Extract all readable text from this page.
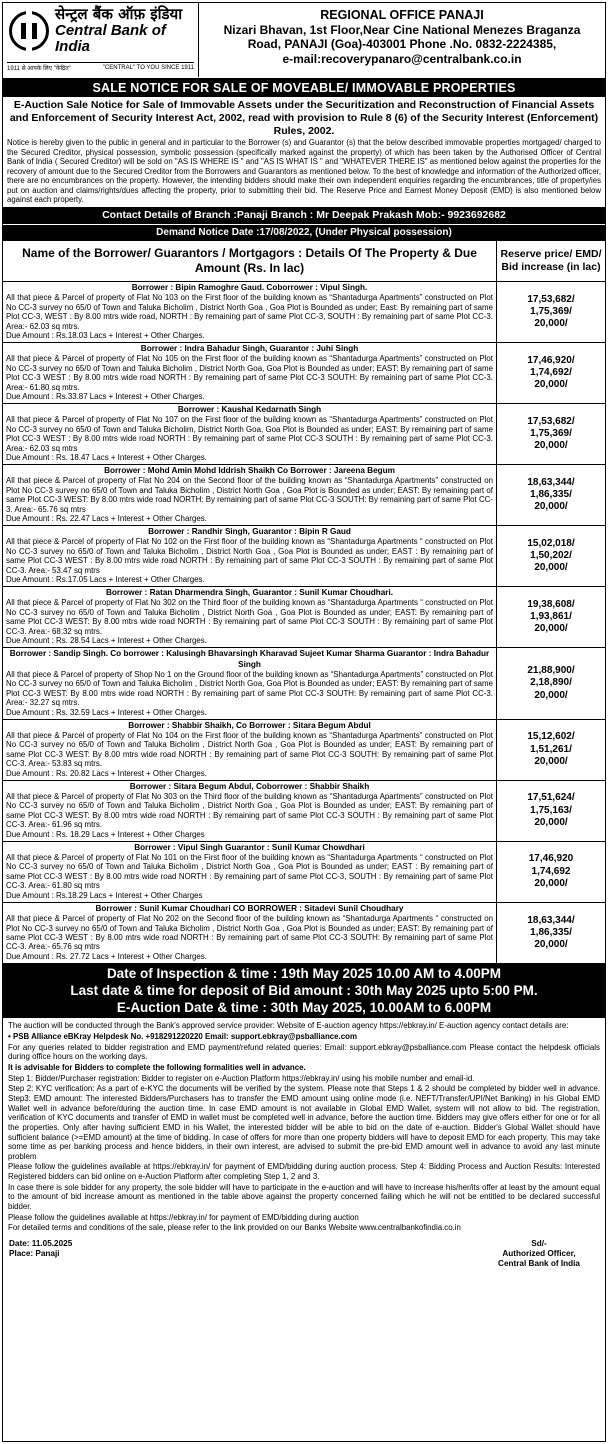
सेन्ट्रल बैंक ऑफ़ इंडिया
Central Bank of India
1911 से आपके लिए "केंद्रित"	"CENTRAL" TO YOU SINCE 1911
REGIONAL OFFICE PANAJI
Nizari Bhavan, 1st Floor,Near Cine National Menezes Braganza
Road, PANAJI (Goa)-403001 Phone .No. 0832-2224385,
e-mail:recoverypanaro@centralbank.co.in
SALE NOTICE FOR SALE OF MOVEABLE/ IMMOVABLE PROPERTIES
E-Auction Sale Notice for Sale of Immovable Assets under the Securitization and Reconstruction of Financial Assets and Enforcement of Security Interest Act, 2002, read with provision to Rule 8 (6) of the Security Interest (Enforcement) Rules, 2002.
Notice is hereby given to the public in general and in particular to the Borrower (s) and Guarantor (s) that the below described immovable properties mortgaged/ charged to the Secured Creditor, physical possession, symbolic possession (specifically marked against the property) of which has been taken by the Authorised Officer of Central Bank of India ( Secured Creditor) will be sold on "AS IS WHERE IS " and "AS IS WHAT IS " and "WHATEVER THERE IS" as mentioned below against the properties for the recovery of amount due to the Secured Creditor from the Borrowers and Guarantors as mentioned below. To the best of knowledge and information of the Authorized officer, there are no encumbrances on the property. However, the intending bidders should make their own independent enquiries regarding the encumbrances, title of property/ies put on auction and claims/rights/dues affecting the property, prior to submitting their bid. The Reserve Price and Earnest Money Deposit (EMD) is also mentioned below against each property.
Contact Details of Branch :Panaji Branch : Mr Deepak Prakash Mob:- 9923692682
Demand Notice Date :17/08/2022, (Under Physical possession)
Name of the Borrower/ Guarantors / Mortgagors : Details Of The Property & Due Amount (Rs. In lac)
Reserve price/ EMD/ Bid increase (in lac)
Borrower : Bipin Ramoghre Gaud. Coborrower : Vipul Singh.
All that piece & Parcel of property of Flat No 103 on the First floor of the building known as “Shantadurga Apartments” constructed on Plot No CC-3 survey no 65/0 of Town and Taluka Bicholim , District North Goa , Goa Plot is Bounded as under; East: By remaining part of same Plot CC-3, WEST : By 8.00 mtrs wide road, NORTH : By remaining part of same Plot CC-3, SOUTH : By remaining part of same Plot CC-3. Area:- 62.03 sq mtrs.
Due Amount : Rs.18.03 Lacs + Interest + Other Charges.
17,53,682/
1,75,369/
20,000/
Borrower : Indra Bahadur Singh, Guarantor : Juhi Singh
All that piece & Parcel of property of Flat No 105 on the First floor of the building known as “Shantadurga Apartments” constructed on Plot No CC-3 survey no 65/0 of Town and Taluka Bicholim , District North Goa, Goa Plot is Bounded as under; EAST: By remaining part of same Plot CC-3 WEST : By 8.00 mtrs wide road NORTH : By remaining part of same Plot CC-3 SOUTH: By remaining part of same Plot CC-3. Area:- 61.80 sq mtrs.
Due Amount : Rs.33.87 Lacs + Interest + Other Charges.
17,46,920/
1,74,692/
20,000/
Borrower : Kaushal Kedarnath Singh
All that piece & Parcel of property of Flat No 107 on the First floor of the building known as “Shantadurga Apartments” constructed on Plot No CC-3 survey no 65/0 of Town and Taluka Bicholim, District North Goa, Goa Plot is Bounded as under; EAST: By remaining part of same Plot CC-3 WEST : By 8.00 mtrs wide road NORTH : By remaining part of same Plot CC-3 SOUTH : By remaining part of same Plot CC-3. Area:- 62.03 sq mtrs
Due Amount : Rs. 18.47 Lacs + Interest + Other Charges.
17,53,682/
1,75,369/
20,000/
Borrower : Mohd Amin Mohd Iddrish Shaikh Co Borrower : Jareena Begum
All that piece & Parcel of property of Flat No 204 on the Second floor of the building known as “Shantadurga Apartments” constructed on Plot No CC-3 survey no 65/0 of Town and Taluka Bicholim , District North Goa , Goa Plot is Bounded as under; EAST: By remaining part of same Plot CC-3 WEST: By 8.00 mtrs wide road NORTH: By remaining part of same Plot CC-3 SOUTH: By remaining part of same Plot CC-3. Area:- 65.76 sq mtrs
Due Amount : Rs. 22.47 Lacs + Interest + Other Charges.
18,63,344/
1,86,335/
20,000/
Borrower : Randhir Singh, Guarantor : Bipin R Gaud
All that piece & Parcel of property of Flat No 102 on the First floor of the building known as “Shantadurga Apartments “ constructed on Plot No CC-3 survey no 65/0 of Town and Taluka Bicholim , District North Goa , Goa Plot is Bounded as under; EAST : By remaining part of same Plot CC-3 WEST : By 8.00 mtrs wide road NORTH : By remaining part of same Plot CC-3 SOUTH : By remaining part of same Plot CC-3. Area:- 53.47 sq mtrs
Due Amount : Rs.17.05 Lacs + Interest + Other Charges.
15,02,018/
1,50,202/
20,000/
Borrower : Ratan Dharmendra Singh, Guarantor : Sunil Kumar Choudhari.
All that piece & Parcel of property of Flat No 302 on the Third floor of the building known as “Shantadurga Apartments “ constructed on Plot No CC-3 survey no 65/0 of Town and Taluka Bicholim , District North Goa , Goa Plot is Bounded as under; EAST: By remaining part of same Plot CC-3 WEST: By 8.00 mtrs wide road NORTH : By remaining part of same Plot CC-3 SOUTH : By remaining part of same Plot CC-3. Area:- 68.32 sq mtrs.
Due Amount : Rs. 28.54 Lacs + Interest + Other Charges.
19,38,608/
1,93,861/
20,000/
Borrower : Sandip Singh. Co borrower : Kalusingh Bhavarsingh Kharavad Sujeet Kumar Sharma Guarantor : Indra Bahadur Singh
All that piece & Parcel of property of Shop No 1 on the Ground floor of the building known as “Shantadurga Apartments” constructed on Plot No CC-3 survey no 65/0 of Town and Taluka Bicholim , District North Goa, Goa Plot is Bounded as under; EAST: By remaining part of same Plot CC-3 WEST: By 8.00 mtrs wide road NORTH : By remaining part of same Plot CC-3 SOUTH: By remaining part of same Plot CC-3. Area:- 32.27 sq mtrs.
Due Amount : Rs. 32.59 Lacs + Interest + Other Charges.
21,88,900/
2,18,890/
20,000/
Borrower : Shabbir Shaikh, Co Borrower : Sitara Begum Abdul
All that piece & Parcel of property of Flat No 104 on the First floor of the building known as “Shantadurga Apartments” constructed on Plot No CC-3 survey no 65/0 of Town and Taluka Bicholim , District North Goa , Goa Plot is Bounded as under; EAST: By remaining part of same Plot CC-3 WEST: By 8.00 mtrs wide road NORTH : By remaining part of same Plot CC-3 SOUTH: By remaining part of same Plot CC-3. Area:- 53.83 sq mtrs.
Due Amount : Rs. 20.82 Lacs + Interest + Other Charges.
15,12,602/
1,51,261/
20,000/
Borrower : Sitara Begum Abdul, Coborrower : Shabbir Shaikh
All that piece & Parcel of property of Flat No 303 on the Third floor of the building known as “Shantadurga Apartments” constructed on Plot No CC-3 survey no 65/0 of Town and Taluka Bicholim , District North Goa , Goa Plot is Bounded as under; EAST: By remaining part of same Plot CC-3 WEST: By 8.00 mtrs wide road NORTH : By remaining part of same Plot CC-3 SOUTH : By remaining part of same Plot CC-3. Area:- 61.96 sq mtrs.
Due Amount : Rs. 18.29 Lacs + Interest + Other Charges
17,51,624/
1,75,163/
20,000/
Borrower : Vipul Singh Guarantor : Sunil Kumar Chowdhari
All that piece & Parcel of property of Flat No 101 on the First floor of the building known as “Shantadurga Apartments “ constructed on Plot No CC-3 survey no 65/0 of Town and Taluka Bicholim , District North Goa , Goa Plot is Bounded as under; EAST : By remaining part of same Plot CC-3 WEST : By 8.00 mtrs wide road NORTH : By remaining part of same Plot CC-3, SOUTH : By remaining part of same Plot CC-3. Area:- 61.80 sq mtrs
Due Amount : Rs.18.29 Lacs + Interest + Other Charges
17,46,920
1,74,692
20,000/
Borrower : Sunil Kumar Choudhari CO BORROWER : Sitadevi Sunil Choudhary
All that piece & Parcel of property of Flat No 202 on the Second floor of the building known as “Shantadurga Apartments “ constructed on Plot No CC-3 survey no 65/0 of Town and Taluka Bicholim , District North Goa , Goa Plot is Bounded as under; EAST: By remaining part of same Plot CC-3 WEST : By 8.00 mtrs wide road NORTH : By remaining part of same Plot CC-3 SOUTH: By remaining part of same Plot CC-3. Area:- 65.76 sq mtrs
Due Amount : Rs. 27.72 Lacs + Interest + Other Charges.
18,63,344/
1,86,335/
20,000/
Date of Inspection & time : 19th May 2025 10.00 AM to 4.00PM
Last date & time for deposit of Bid amount : 30th May 2025 upto 5:00 PM.
E-Auction Date & time : 30th May 2025, 10.00AM to 6.00PM

The auction will be conducted through the Bank's approved service provider: Website of E-auction agency https://ebkray.in/ E-auction agency contact details are:

• PSB Alliance eBKray Helpdesk No. +918291220220 Email: support.ebkray@psballiance.com

For any queries related to bidder registration and EMD payment/refund related queries: Email: support.ebkray@psballiance.com Please contact the helpdesk officials during office hours on the working days.

It is advisable for Bidders to complete the following formalities well in advance.

Step 1: Bidder/Purchaser registration: Bidder to register on e-Auction Platform https://ebkray.in/ using his mobile number and email-id.

Step 2: KYC verification: As a part of e-KYC the documents will be verified by the system. Please note that Steps 1 & 2 should be completed by bidder well in advance. Step3: EMD amount: The interested Bidders/Purchasers has to transfer the EMD amount using online mode (i.e. NEFT/Transfer/UPI/Net Banking) in his Global EMD Wallet well in advance before/during the auction time. In case EMD amount is not available in Global EMD Wallet, system will not allow to bid. The registration, verification of KYC documents and transfer of EMD in wallet must be completed well in advance, before the auction time. Bidders may give offers either for one or for all the properties. Only after having sufficient EMD in his Wallet, the interested bidder will be able to bid on the date of e-auction. Bidder's Global Wallet should have sufficient balance (>=EMD amount) at the time of bidding. In case of offers for more than one property bidders will have to deposit EMD for each property. This may take some time as per banking process and hence bidders, in their own interest, are advised to submit the pre-bid EMD amount well in advance to avoid any last minute problem

Please follow the guidelines available at https://ebkray.in/ for payment of EMD/bidding during auction process. Step 4: Bidding Process and Auction Results: Interested Registered bidders can bid online on e-Auction Platform after completing Step 1, 2 and 3.

In case there is sole bidder for any property, the sole bidder will have to participate in the e-auction and will have to increase his/her/its offer at least by the amount equal to the amount of bid increase amount as mentioned in the table above against the property concerned failing which he will not be entitled to be declared successful bidder.

Please follow the guidelines available at https://ebkray.in/ for payment of EMD/bidding during auction

For detailed terms and conditions of the sale, please refer to the link provided on our Banks Website www.centralbankofindia.co.in

Date: 11.05.2025
Place: Panaji
Sd/-
Authorized Officer,
Central Bank of India
